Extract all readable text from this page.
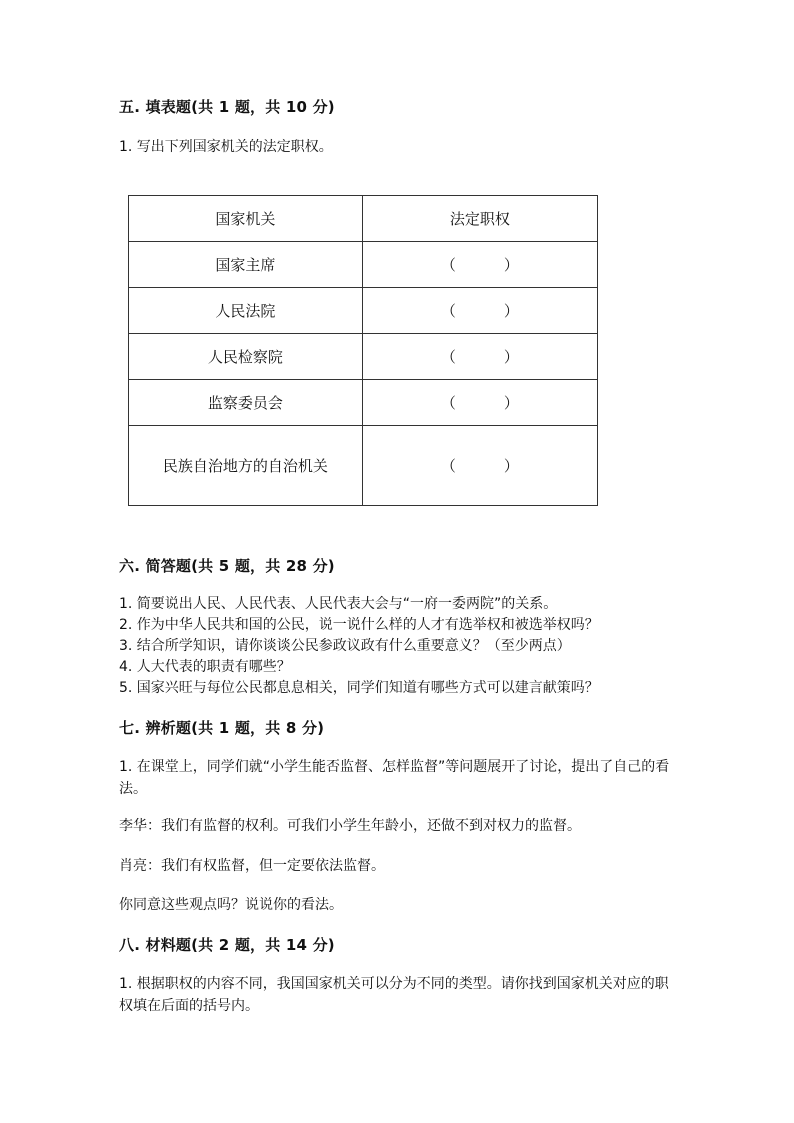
五. 填表题(共 1 题，共 10 分)
1. 写出下列国家机关的法定职权。
国家机关	法定职权
国家主席	（ ）
人民法院	（ ）
人民检察院	（ ）
监察委员会	（ ）
民族自治地方的自治机关	（ ）
六. 简答题(共 5 题，共 28 分)
1. 简要说出人民、人民代表、人民代表大会与“一府一委两院”的关系。
2. 作为中华人民共和国的公民，说一说什么样的人才有选举权和被选举权吗？
3. 结合所学知识，请你谈谈公民参政议政有什么重要意义？（至少两点）
4. 人大代表的职责有哪些？
5. 国家兴旺与每位公民都息息相关，同学们知道有哪些方式可以建言献策吗？
七. 辨析题(共 1 题，共 8 分)
1. 在课堂上，同学们就“小学生能否监督、怎样监督”等问题展开了讨论，提出了自己的看法。
李华：我们有监督的权利。可我们小学生年龄小，还做不到对权力的监督。
肖亮：我们有权监督，但一定要依法监督。
你同意这些观点吗？说说你的看法。
八. 材料题(共 2 题，共 14 分)
1. 根据职权的内容不同，我国国家机关可以分为不同的类型。请你找到国家机关对应的职权填在后面的括号内。
